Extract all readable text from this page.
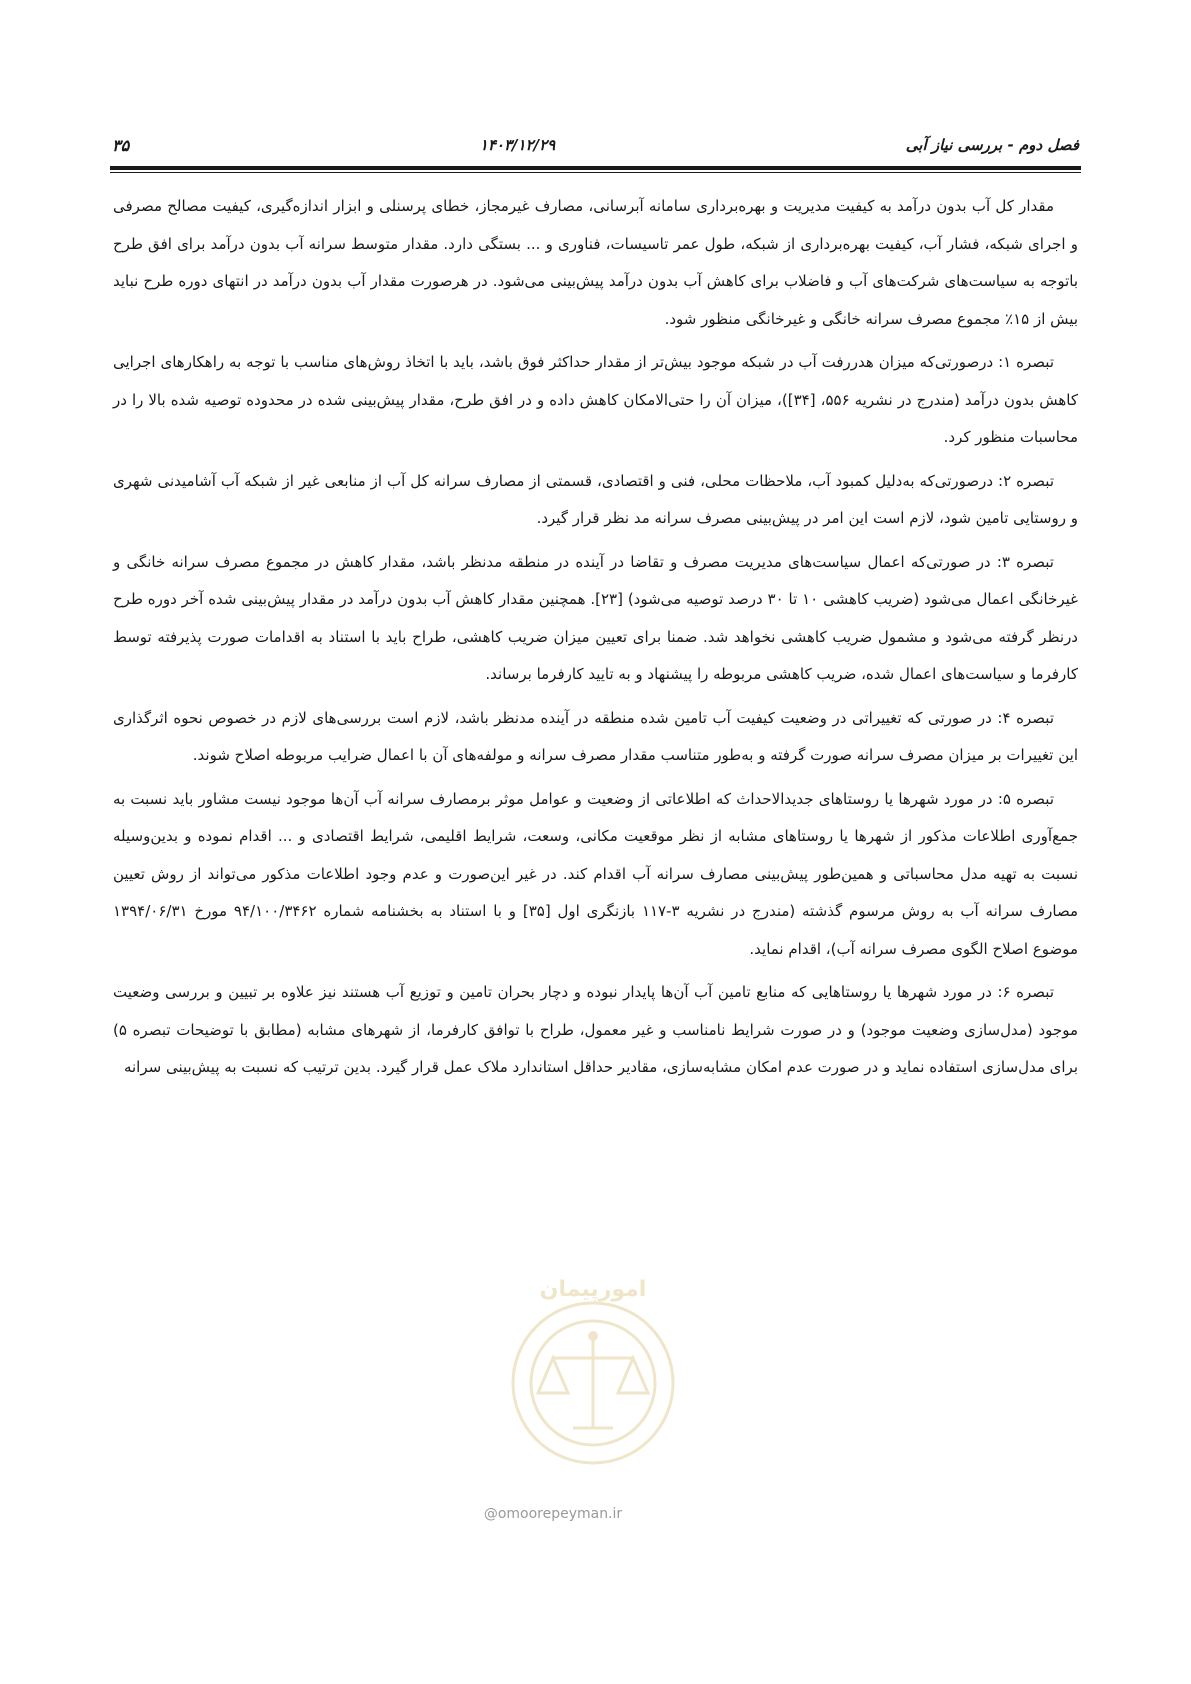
فصل دوم - بررسی نیاز آبی
۱۴۰۳/۱۲/۲۹
۳۵

مقدار کل آب بدون درآمد به کیفیت مدیریت و بهره‌برداری سامانه آبرسانی، مصارف غیرمجاز، خطای پرسنلی و ابزار اندازه‌گیری، کیفیت مصالح مصرفی و اجرای شبکه، فشار آب، کیفیت بهره‌برداری از شبکه، طول عمر تاسیسات، فناوری و ... بستگی دارد. مقدار متوسط سرانه آب بدون درآمد برای افق طرح باتوجه به سیاست‌های شرکت‌های آب و فاضلاب برای کاهش آب بدون درآمد پیش‌بینی می‌شود. در هرصورت مقدار آب بدون درآمد در انتهای دوره طرح نباید بیش از ۱۵٪ مجموع مصرف سرانه خانگی و غیرخانگی منظور شود.

تبصره ۱: درصورتی‌که میزان هدررفت آب در شبکه موجود بیش‌تر از مقدار حداکثر فوق باشد، باید با اتخاذ روش‌های مناسب با توجه به راهکارهای اجرایی کاهش بدون درآمد (مندرج در نشریه ۵۵۶، [۳۴])، میزان آن را حتی‌الامکان کاهش داده و در افق طرح، مقدار پیش‌بینی شده در محدوده توصیه شده بالا را در محاسبات منظور کرد.

تبصره ۲: درصورتی‌که به‌دلیل کمبود آب، ملاحظات محلی، فنی و اقتصادی، قسمتی از مصارف سرانه کل آب از منابعی غیر از شبکه آب آشامیدنی شهری و روستایی تامین شود، لازم است این امر در پیش‌بینی مصرف سرانه مد نظر قرار گیرد.

تبصره ۳: در صورتی‌که اعمال سیاست‌های مدیریت مصرف و تقاضا در آینده در منطقه مدنظر باشد، مقدار کاهش در مجموع مصرف سرانه خانگی و غیرخانگی اعمال می‌شود (ضریب کاهشی ۱۰ تا ۳۰ درصد توصیه می‌شود) [۲۳]. همچنین مقدار کاهش آب بدون درآمد در مقدار پیش‌بینی شده آخر دوره طرح درنظر گرفته می‌شود و مشمول ضریب کاهشی نخواهد شد. ضمنا برای تعیین میزان ضریب کاهشی، طراح باید با استناد به اقدامات صورت پذیرفته توسط کارفرما و سیاست‌های اعمال شده، ضریب کاهشی مربوطه را پیشنهاد و به تایید کارفرما برساند.

تبصره ۴: در صورتی که تغییراتی در وضعیت کیفیت آب تامین شده منطقه در آینده مدنظر باشد، لازم است بررسی‌های لازم در خصوص نحوه اثرگذاری این تغییرات بر میزان مصرف سرانه صورت گرفته و به‌طور متناسب مقدار مصرف سرانه و مولفه‌های آن با اعمال ضرایب مربوطه اصلاح شوند.

تبصره ۵: در مورد شهرها یا روستاهای جدیدالاحداث که اطلاعاتی از وضعیت و عوامل موثر برمصارف سرانه آب آن‌ها موجود نیست مشاور باید نسبت به جمع‌آوری اطلاعات مذکور از شهرها یا روستاهای مشابه از نظر موقعیت مکانی، وسعت، شرایط اقلیمی، شرایط اقتصادی و ... اقدام نموده و بدین‌وسیله نسبت به تهیه مدل محاسباتی و همین‌طور پیش‌بینی مصارف سرانه آب اقدام کند. در غیر این‌صورت و عدم وجود اطلاعات مذکور می‌تواند از روش تعیین مصارف سرانه آب به روش مرسوم گذشته (مندرج در نشریه ۳-۱۱۷ بازنگری اول [۳۵] و با استناد به بخشنامه شماره ۹۴/۱۰۰/۳۴۶۲ مورخ ۱۳۹۴/۰۶/۳۱ موضوع اصلاح الگوی مصرف سرانه آب)، اقدام نماید.

تبصره ۶: در مورد شهرها یا روستاهایی که منابع تامین آب آن‌ها پایدار نبوده و دچار بحران تامین و توزیع آب هستند نیز علاوه بر تبیین و بررسی وضعیت موجود (مدل‌سازی وضعیت موجود) و در صورت شرایط نامناسب و غیر معمول، طراح با توافق کارفرما، از شهرهای مشابه (مطابق با توضیحات تبصره ۵) برای مدل‌سازی استفاده نماید و در صورت عدم امکان مشابه‌سازی، مقادیر حداقل استاندارد ملاک عمل قرار گیرد. بدین ترتیب که نسبت به پیش‌بینی سرانه

امورپیمان
@omoorepeyman.ir
